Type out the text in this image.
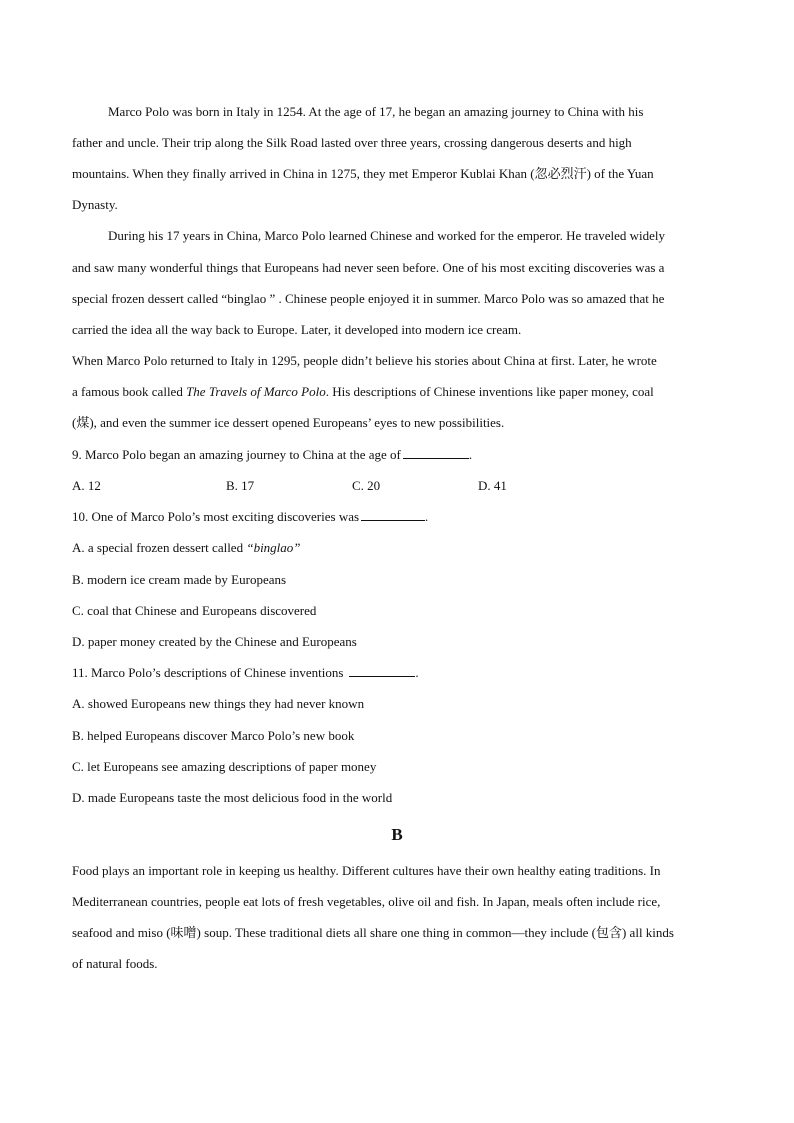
Marco Polo was born in Italy in 1254. At the age of 17, he began an amazing journey to China with his
father and uncle. Their trip along the Silk Road lasted over three years, crossing dangerous deserts and high
mountains. When they finally arrived in China in 1275, they met Emperor Kublai Khan (忽必烈汗) of the Yuan
Dynasty.
During his 17 years in China, Marco Polo learned Chinese and worked for the emperor. He traveled widely
and saw many wonderful things that Europeans had never seen before. One of his most exciting discoveries was a
special frozen dessert called “binglao ” . Chinese people enjoyed it in summer. Marco Polo was so amazed that he
carried the idea all the way back to Europe. Later, it developed into modern ice cream.
When Marco Polo returned to Italy in 1295, people didn’t believe his stories about China at first. Later, he wrote
a famous book called The Travels of Marco Polo. His descriptions of Chinese inventions like paper money, coal
(煤), and even the summer ice dessert opened Europeans’ eyes to new possibilities.
9. Marco Polo began an amazing journey to China at the age of	.
A. 12	B. 17	C. 20	D. 41
10. One of Marco Polo’s most exciting discoveries was	.
A. a special frozen dessert called “binglao”
B. modern ice cream made by Europeans
C. coal that Chinese and Europeans discovered
D. paper money created by the Chinese and Europeans
11. Marco Polo’s descriptions of Chinese inventions	.
A. showed Europeans new things they had never known
B. helped Europeans discover Marco Polo’s new book
C. let Europeans see amazing descriptions of paper money
D. made Europeans taste the most delicious food in the world
B
Food plays an important role in keeping us healthy. Different cultures have their own healthy eating traditions. In
Mediterranean countries, people eat lots of fresh vegetables, olive oil and fish. In Japan, meals often include rice,
seafood and miso (味噌) soup. These traditional diets all share one thing in common—they include (包含) all kinds
of natural foods.
